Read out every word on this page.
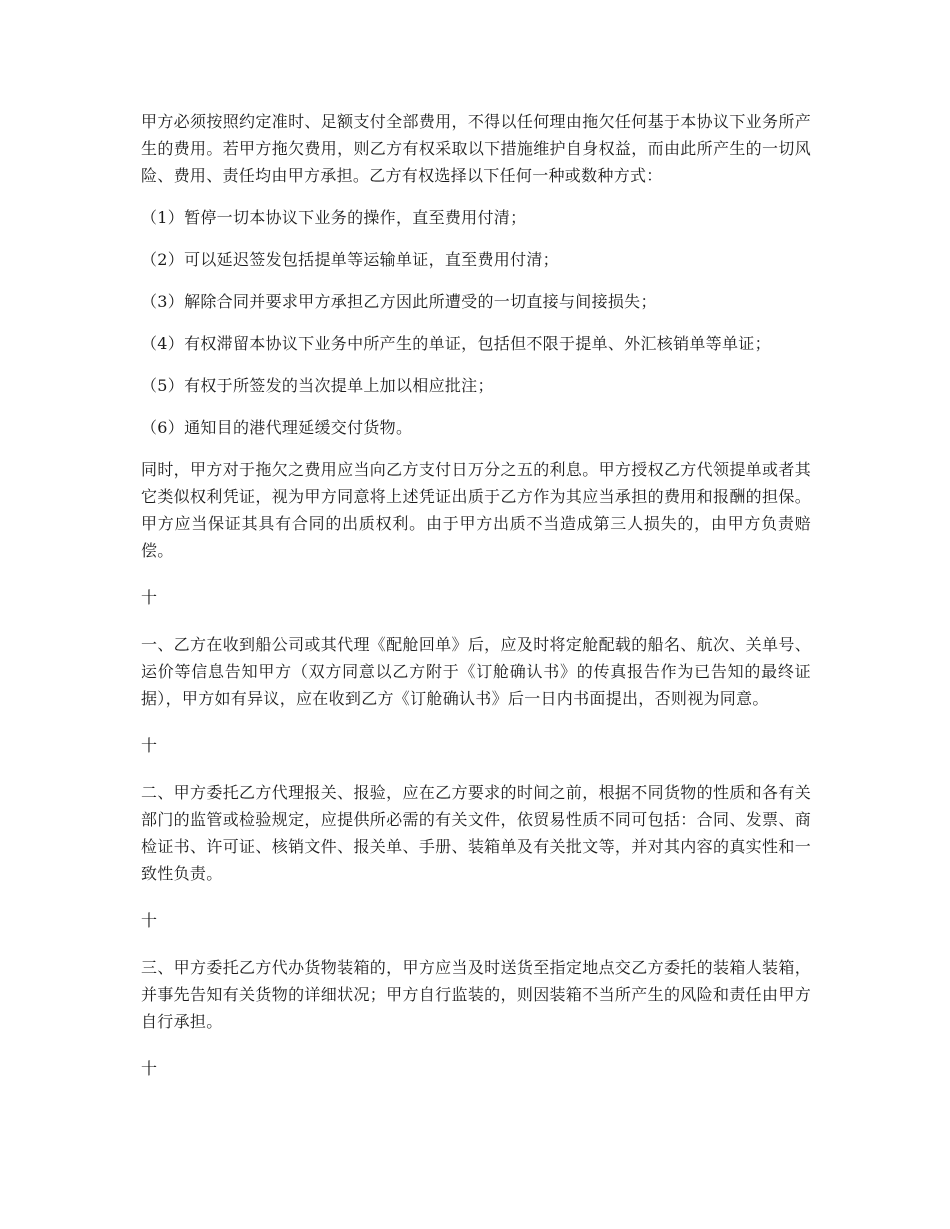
甲方必须按照约定准时、足额支付全部费用，不得以任何理由拖欠任何基于本协议下业务所产生的费用。若甲方拖欠费用，则乙方有权采取以下措施维护自身权益，而由此所产生的一切风险、费用、责任均由甲方承担。乙方有权选择以下任何一种或数种方式：

（1）暂停一切本协议下业务的操作，直至费用付清；

（2）可以延迟签发包括提单等运输单证，直至费用付清；

（3）解除合同并要求甲方承担乙方因此所遭受的一切直接与间接损失；

（4）有权滞留本协议下业务中所产生的单证，包括但不限于提单、外汇核销单等单证；

（5）有权于所签发的当次提单上加以相应批注；

（6）通知目的港代理延缓交付货物。

同时，甲方对于拖欠之费用应当向乙方支付日万分之五的利息。甲方授权乙方代领提单或者其它类似权利凭证，视为甲方同意将上述凭证出质于乙方作为其应当承担的费用和报酬的担保。甲方应当保证其具有合同的出质权利。由于甲方出质不当造成第三人损失的，由甲方负责赔偿。

十

一、乙方在收到船公司或其代理《配舱回单》后，应及时将定舱配载的船名、航次、关单号、运价等信息告知甲方（双方同意以乙方附于《订舱确认书》的传真报告作为已告知的最终证据），甲方如有异议，应在收到乙方《订舱确认书》后一日内书面提出，否则视为同意。

十

二、甲方委托乙方代理报关、报验，应在乙方要求的时间之前，根据不同货物的性质和各有关部门的监管或检验规定，应提供所必需的有关文件，依贸易性质不同可包括：合同、发票、商检证书、许可证、核销文件、报关单、手册、装箱单及有关批文等，并对其内容的真实性和一致性负责。

十

三、甲方委托乙方代办货物装箱的，甲方应当及时送货至指定地点交乙方委托的装箱人装箱，并事先告知有关货物的详细状况；甲方自行监装的，则因装箱不当所产生的风险和责任由甲方自行承担。

十
